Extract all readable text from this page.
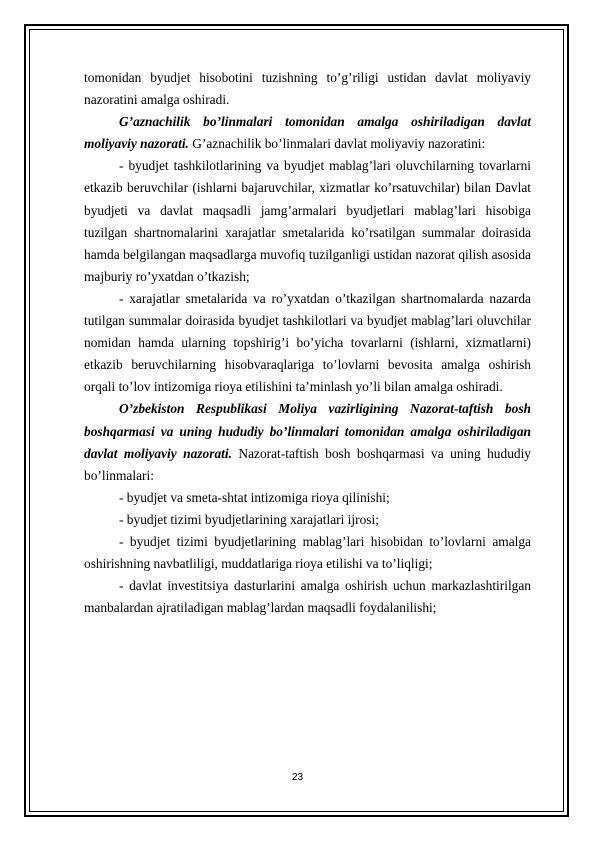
tomonidan byudjet hisobotini tuzishning to’g’riligi ustidan davlat moliyaviy nazoratini amalga oshiradi.

G’aznachilik bo’linmalari tomonidan amalga oshiriladigan davlat moliyaviy nazorati. G’aznachilik bo’linmalari davlat moliyaviy nazoratini:

- byudjet tashkilotlarining va byudjet mablag’lari oluvchilarning tovarlarni etkazib beruvchilar (ishlarni bajaruvchilar, xizmatlar ko’rsatuvchilar) bilan Davlat byudjeti va davlat maqsadli jamg’armalari byudjetlari mablag’lari hisobiga tuzilgan shartnomalarini xarajatlar smetalarida ko’rsatilgan summalar doirasida hamda belgilangan maqsadlarga muvofiq tuzilganligi ustidan nazorat qilish asosida majburiy ro’yxatdan o’tkazish;

- xarajatlar smetalarida va ro’yxatdan o’tkazilgan shartnomalarda nazarda tutilgan summalar doirasida byudjet tashkilotlari va byudjet mablag’lari oluvchilar nomidan hamda ularning topshirig’i bo’yicha tovarlarni (ishlarni, xizmatlarni) etkazib beruvchilarning hisobvaraqlariga to’lovlarni bevosita amalga oshirish orqali to’lov intizomiga rioya etilishini ta’minlash yo’li bilan amalga oshiradi.

O’zbekiston Respublikasi Moliya vazirligining Nazorat-taftish bosh boshqarmasi va uning hududiy bo’linmalari tomonidan amalga oshiriladigan davlat moliyaviy nazorati. Nazorat-taftish bosh boshqarmasi va uning hududiy bo’linmalari:

- byudjet va smeta-shtat intizomiga rioya qilinishi;

- byudjet tizimi byudjetlarining xarajatlari ijrosi;

- byudjet tizimi byudjetlarining mablag’lari hisobidan to’lovlarni amalga oshirishning navbatliligi, muddatlariga rioya etilishi va to’liqligi;

- davlat investitsiya dasturlarini amalga oshirish uchun markazlashtirilgan manbalardan ajratiladigan mablag’lardan maqsadli foydalanilishi;

23
